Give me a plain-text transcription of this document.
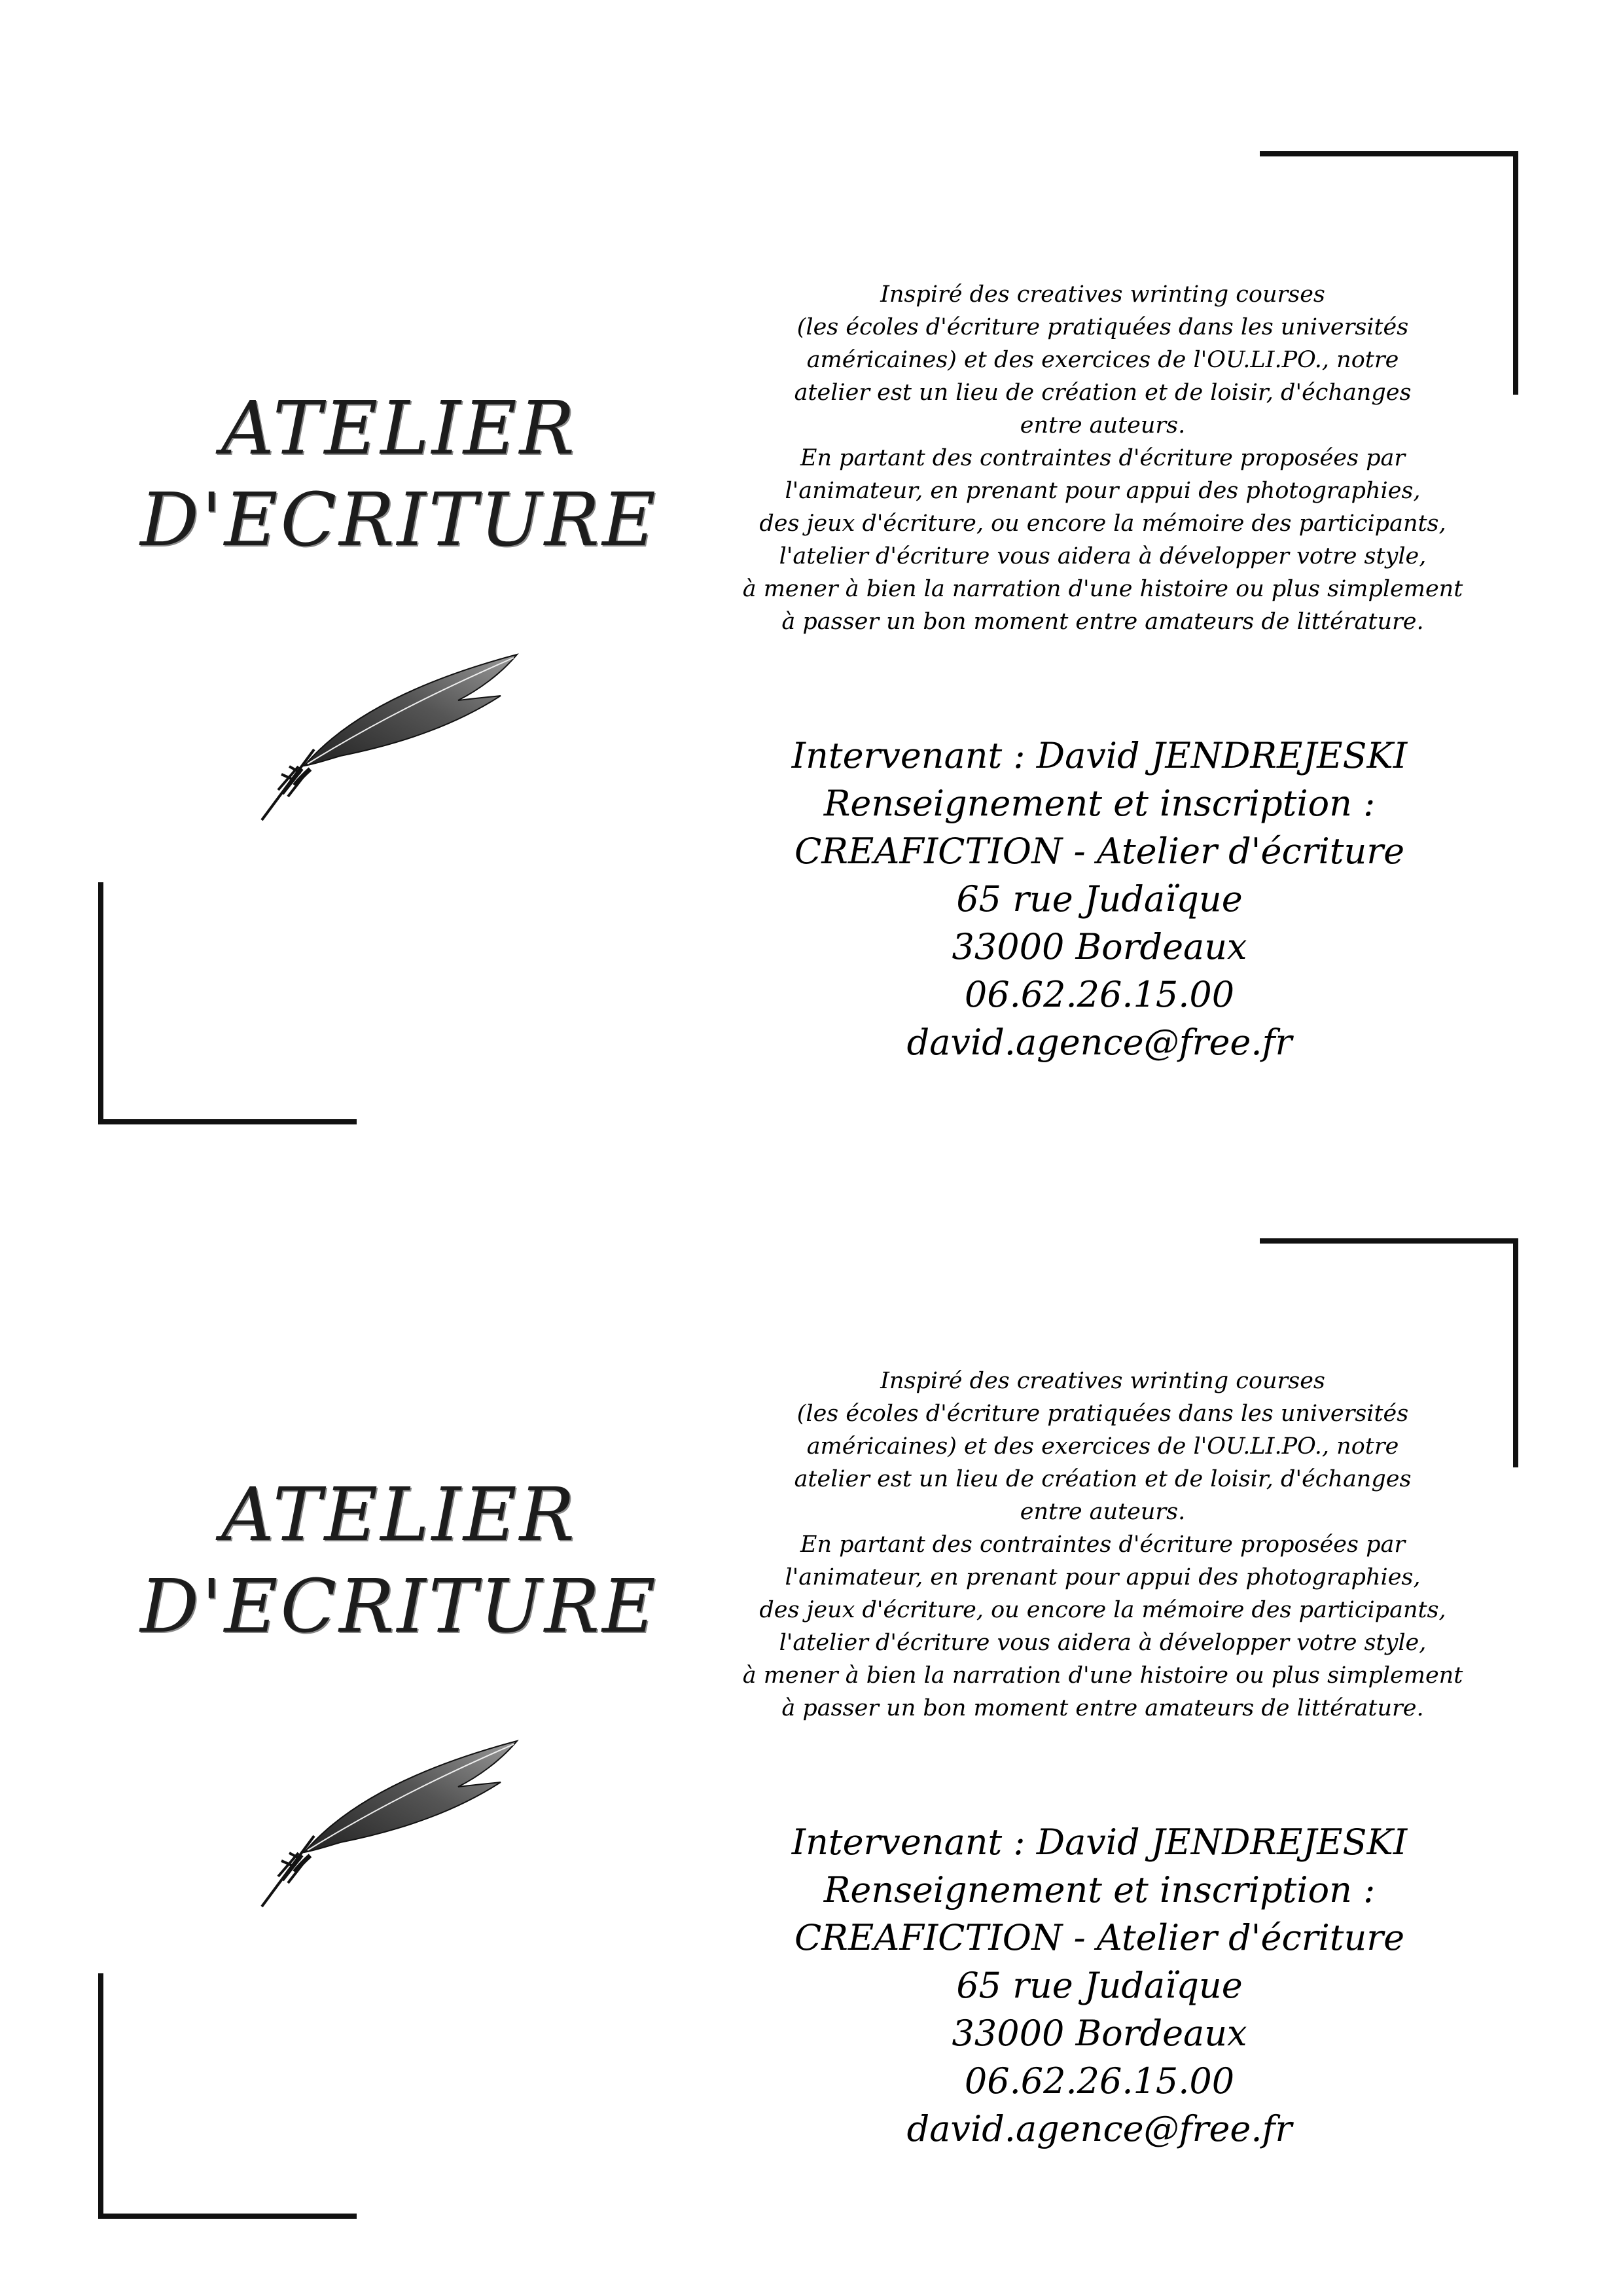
ATELIER
D'ECRITURE
Inspiré des creatives wrinting courses
(les écoles d'écriture pratiquées dans les universités
américaines) et des exercices de l'OU.LI.PO., notre
atelier est un lieu de création et de loisir, d'échanges
entre auteurs.
En partant des contraintes d'écriture proposées par
l'animateur, en prenant pour appui des photographies,
des jeux d'écriture, ou encore la mémoire des participants,
l'atelier d'écriture vous aidera à développer votre style,
à mener à bien la narration d'une histoire ou plus simplement
à passer un bon moment entre amateurs de littérature.
Intervenant : David JENDREJESKI
Renseignement et inscription :
CREAFICTION - Atelier d'écriture
65 rue Judaïque
33000 Bordeaux
06.62.26.15.00
david.agence@free.fr
ATELIER
D'ECRITURE
Inspiré des creatives wrinting courses
(les écoles d'écriture pratiquées dans les universités
américaines) et des exercices de l'OU.LI.PO., notre
atelier est un lieu de création et de loisir, d'échanges
entre auteurs.
En partant des contraintes d'écriture proposées par
l'animateur, en prenant pour appui des photographies,
des jeux d'écriture, ou encore la mémoire des participants,
l'atelier d'écriture vous aidera à développer votre style,
à mener à bien la narration d'une histoire ou plus simplement
à passer un bon moment entre amateurs de littérature.
Intervenant : David JENDREJESKI
Renseignement et inscription :
CREAFICTION - Atelier d'écriture
65 rue Judaïque
33000 Bordeaux
06.62.26.15.00
david.agence@free.fr
